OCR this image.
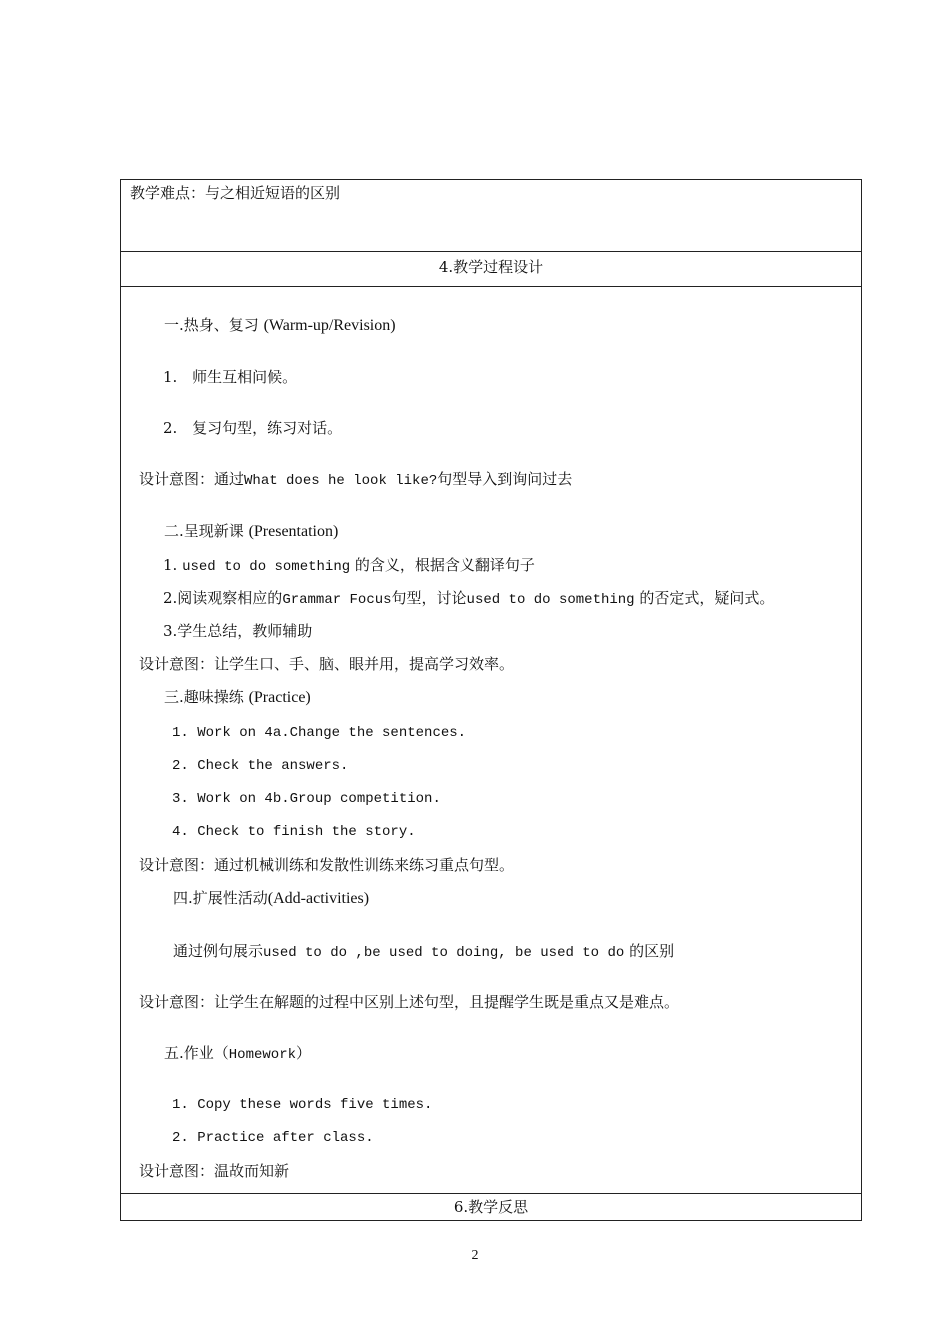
教学难点：与之相近短语的区别
4.教学过程设计
一.热身、复习 (Warm-up/Revision)
1. 师生互相问候。
2. 复习句型，练习对话。
设计意图：通过What does he look like?句型导入到询问过去
二.呈现新课 (Presentation)
1. used to do something 的含义，根据含义翻译句子
2.阅读观察相应的Grammar Focus句型，讨论used to do something 的否定式，疑问式。
3.学生总结，教师辅助
设计意图：让学生口、手、脑、眼并用，提高学习效率。
三.趣味操练 (Practice)
1. Work on 4a.Change the sentences.
2. Check the answers.
3. Work on 4b.Group competition.
4. Check to finish the story.
设计意图：通过机械训练和发散性训练来练习重点句型。
四.扩展性活动(Add-activities)
通过例句展示used to do ,be used to doing, be used to do 的区别
设计意图：让学生在解题的过程中区别上述句型，且提醒学生既是重点又是难点。
五.作业（Homework）
1. Copy these words five times.
2. Practice after class.
设计意图：温故而知新
6.教学反思
2
